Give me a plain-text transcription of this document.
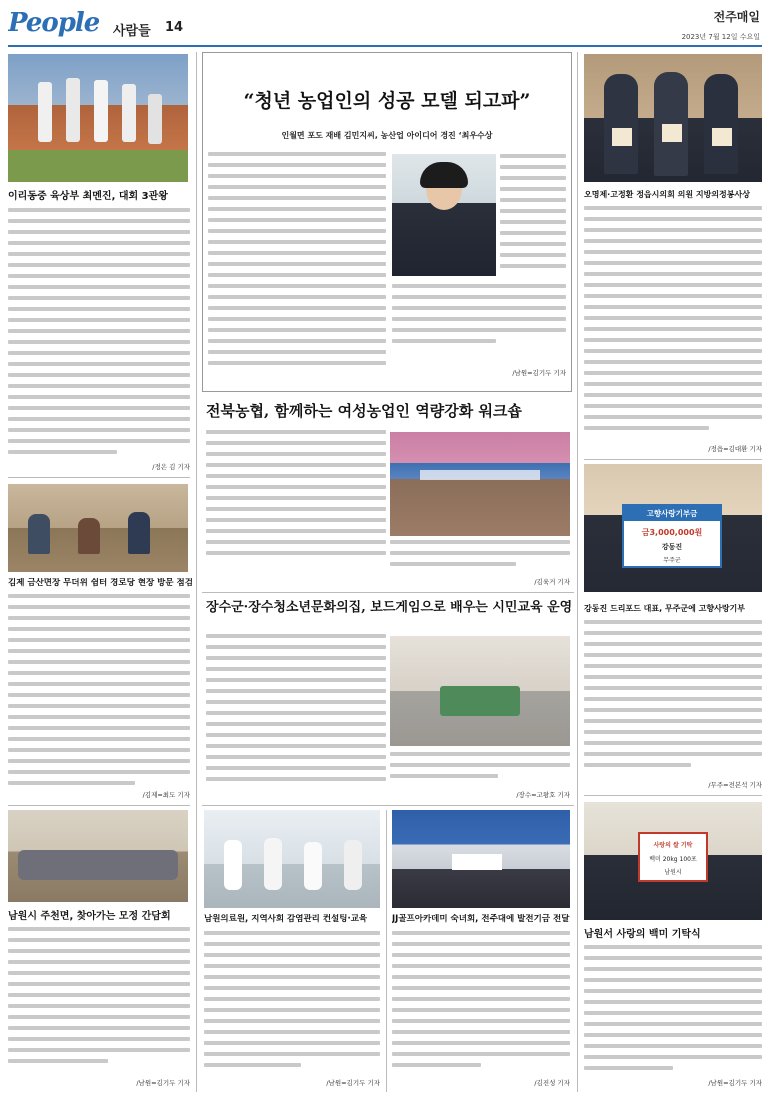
People 사람들 14
전주매일
2023년 7월 12일 수요일
이리동중 육상부 최멘진, 대회 3관왕
/정은 김 기자
김제 금산면장 무더위 쉼터 경로당 현장 방문 점검
/김제=최도 기자
남원시 주천면, 찾아가는 모정 간담회
/남원=김기두 기자
“청년 농업인의 성공 모델 되고파”
인월면 포도 재배 김민지씨, 농산업 아이디어 경진 ‘최우수상
/남원=김기두 기자
전북농협, 함께하는 여성농업인 역량강화 워크숍
/김육거 기자
장수군·장수청소년문화의집, 보드게임으로 배우는 시민교육 운영
/장수=고왕호 기자
남원의료원, 지역사회 감염관리 컨설팅·교육
/남원=김기두 기자
JJ골프아카데미 숙녀회, 전주대에 발전기금 전달
/김진성 기자
오명제·고정환 정읍시의회 의원 지방의정봉사상
/정읍=김대환 기자
고향사랑기부금
금3,000,000원
강동진
무주군
강동진 드리포드 대표, 무주군에 고향사랑기부
/무주=전본석 기자
사랑의 쌀 기탁
백미 20kg 100포
남원시
남원서 사랑의 백미 기탁식
/남원=김기두 기자
